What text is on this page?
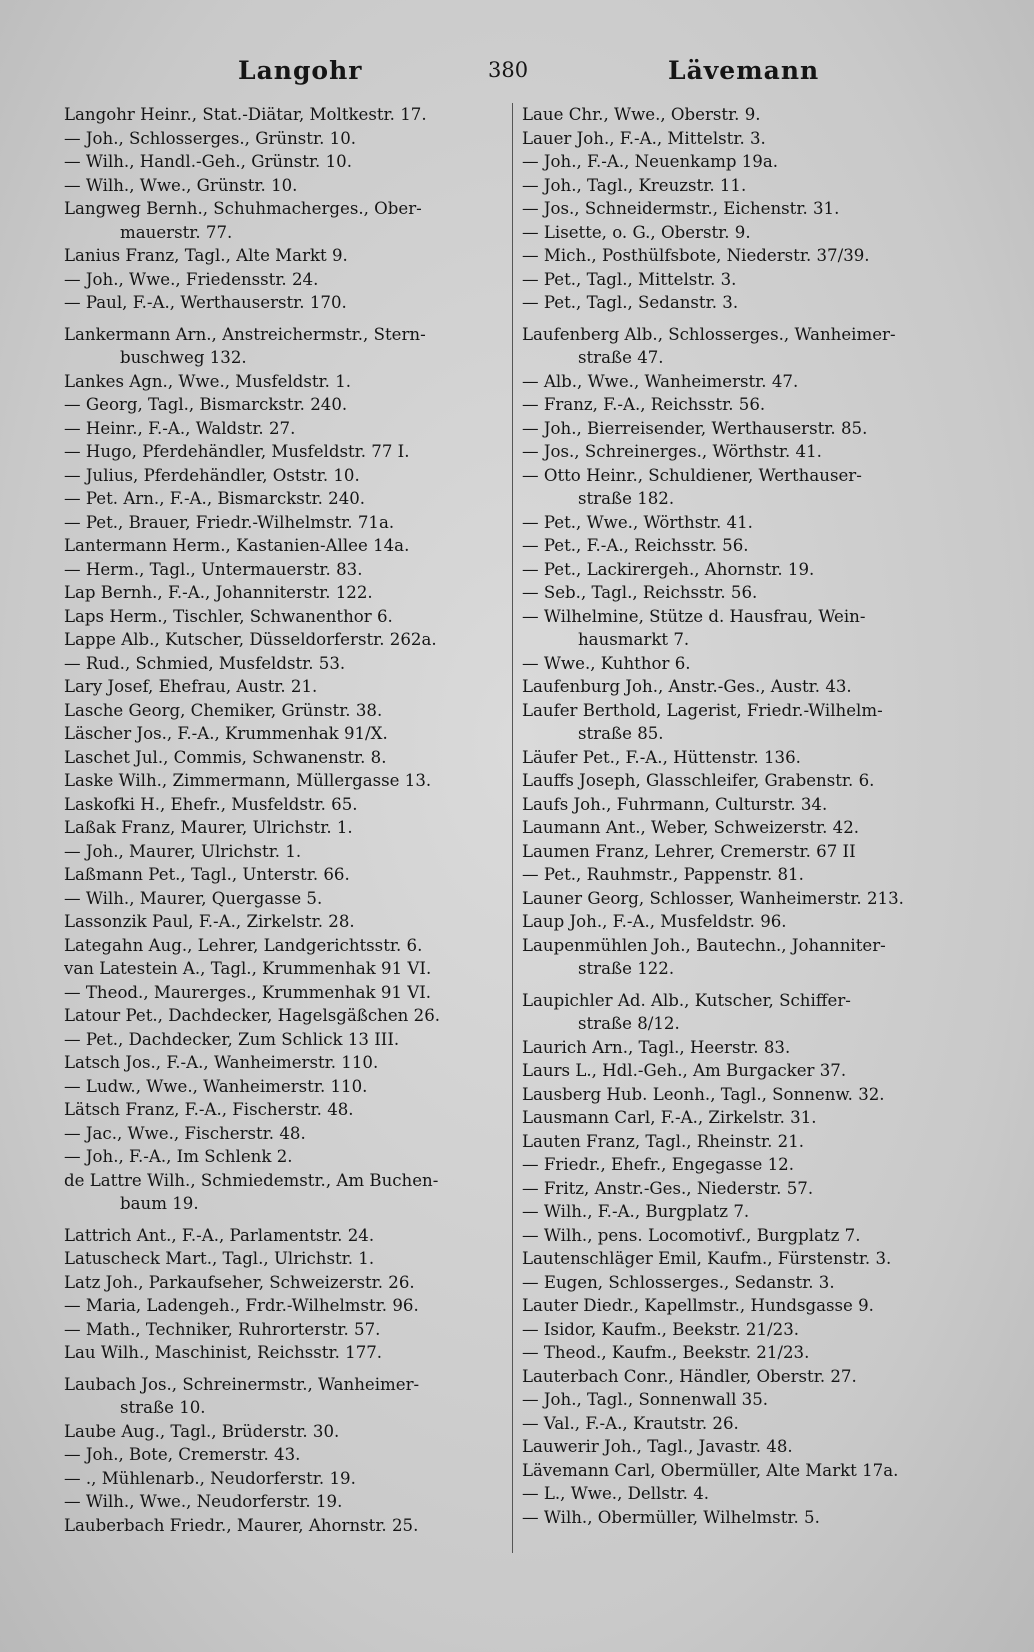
Langohr	380	Lävemann
Langohr Heinr., Stat.-Diätar, Moltkestr. 17.
— Joh., Schlosserges., Grünstr. 10.
— Wilh., Handl.-Geh., Grünstr. 10.
— Wilh., Wwe., Grünstr. 10.
Langweg Bernh., Schuhmacherges., Ober-
mauerstr. 77.
Lanius Franz, Tagl., Alte Markt 9.
— Joh., Wwe., Friedensstr. 24.
— Paul, F.-A., Werthauserstr. 170.
Lankermann Arn., Anstreichermstr., Stern-
buschweg 132.
Lankes Agn., Wwe., Musfeldstr. 1.
— Georg, Tagl., Bismarckstr. 240.
— Heinr., F.-A., Waldstr. 27.
— Hugo, Pferdehändler, Musfeldstr. 77 I.
— Julius, Pferdehändler, Oststr. 10.
— Pet. Arn., F.-A., Bismarckstr. 240.
— Pet., Brauer, Friedr.-Wilhelmstr. 71a.
Lantermann Herm., Kastanien-Allee 14a.
— Herm., Tagl., Untermauerstr. 83.
Lap Bernh., F.-A., Johanniterstr. 122.
Laps Herm., Tischler, Schwanenthor 6.
Lappe Alb., Kutscher, Düsseldorferstr. 262a.
— Rud., Schmied, Musfeldstr. 53.
Lary Josef, Ehefrau, Austr. 21.
Lasche Georg, Chemiker, Grünstr. 38.
Läscher Jos., F.-A., Krummenhak 91/X.
Laschet Jul., Commis, Schwanenstr. 8.
Laske Wilh., Zimmermann, Müllergasse 13.
Laskofki H., Ehefr., Musfeldstr. 65.
Laßak Franz, Maurer, Ulrichstr. 1.
— Joh., Maurer, Ulrichstr. 1.
Laßmann Pet., Tagl., Unterstr. 66.
— Wilh., Maurer, Quergasse 5.
Lassonzik Paul, F.-A., Zirkelstr. 28.
Lategahn Aug., Lehrer, Landgerichtsstr. 6.
van Latestein A., Tagl., Krummenhak 91 VI.
— Theod., Maurerges., Krummenhak 91 VI.
Latour Pet., Dachdecker, Hagelsgäßchen 26.
— Pet., Dachdecker, Zum Schlick 13 III.
Latsch Jos., F.-A., Wanheimerstr. 110.
— Ludw., Wwe., Wanheimerstr. 110.
Lätsch Franz, F.-A., Fischerstr. 48.
— Jac., Wwe., Fischerstr. 48.
— Joh., F.-A., Im Schlenk 2.
de Lattre Wilh., Schmiedemstr., Am Buchen-
baum 19.
Lattrich Ant., F.-A., Parlamentstr. 24.
Latuscheck Mart., Tagl., Ulrichstr. 1.
Latz Joh., Parkaufseher, Schweizerstr. 26.
— Maria, Ladengeh., Frdr.-Wilhelmstr. 96.
— Math., Techniker, Ruhrorterstr. 57.
Lau Wilh., Maschinist, Reichsstr. 177.
Laubach Jos., Schreinermstr., Wanheimer-
straße 10.
Laube Aug., Tagl., Brüderstr. 30.
— Joh., Bote, Cremerstr. 43.
— ., Mühlenarb., Neudorferstr. 19.
— Wilh., Wwe., Neudorferstr. 19.
Lauberbach Friedr., Maurer, Ahornstr. 25.
Laue Chr., Wwe., Oberstr. 9.
Lauer Joh., F.-A., Mittelstr. 3.
— Joh., F.-A., Neuenkamp 19a.
— Joh., Tagl., Kreuzstr. 11.
— Jos., Schneidermstr., Eichenstr. 31.
— Lisette, o. G., Oberstr. 9.
— Mich., Posthülfsbote, Niederstr. 37/39.
— Pet., Tagl., Mittelstr. 3.
— Pet., Tagl., Sedanstr. 3.
Laufenberg Alb., Schlosserges., Wanheimer-
straße 47.
— Alb., Wwe., Wanheimerstr. 47.
— Franz, F.-A., Reichsstr. 56.
— Joh., Bierreisender, Werthauserstr. 85.
— Jos., Schreinerges., Wörthstr. 41.
— Otto Heinr., Schuldiener, Werthauser-
straße 182.
— Pet., Wwe., Wörthstr. 41.
— Pet., F.-A., Reichsstr. 56.
— Pet., Lackirergeh., Ahornstr. 19.
— Seb., Tagl., Reichsstr. 56.
— Wilhelmine, Stütze d. Hausfrau, Wein-
hausmarkt 7.
— Wwe., Kuhthor 6.
Laufenburg Joh., Anstr.-Ges., Austr. 43.
Laufer Berthold, Lagerist, Friedr.-Wilhelm-
straße 85.
Läufer Pet., F.-A., Hüttenstr. 136.
Lauffs Joseph, Glasschleifer, Grabenstr. 6.
Laufs Joh., Fuhrmann, Culturstr. 34.
Laumann Ant., Weber, Schweizerstr. 42.
Laumen Franz, Lehrer, Cremerstr. 67 II
— Pet., Rauhmstr., Pappenstr. 81.
Launer Georg, Schlosser, Wanheimerstr. 213.
Laup Joh., F.-A., Musfeldstr. 96.
Laupenmühlen Joh., Bautechn., Johanniter-
straße 122.
Laupichler Ad. Alb., Kutscher, Schiffer-
straße 8/12.
Laurich Arn., Tagl., Heerstr. 83.
Laurs L., Hdl.-Geh., Am Burgacker 37.
Lausberg Hub. Leonh., Tagl., Sonnenw. 32.
Lausmann Carl, F.-A., Zirkelstr. 31.
Lauten Franz, Tagl., Rheinstr. 21.
— Friedr., Ehefr., Engegasse 12.
— Fritz, Anstr.-Ges., Niederstr. 57.
— Wilh., F.-A., Burgplatz 7.
— Wilh., pens. Locomotivf., Burgplatz 7.
Lautenschläger Emil, Kaufm., Fürstenstr. 3.
— Eugen, Schlosserges., Sedanstr. 3.
Lauter Diedr., Kapellmstr., Hundsgasse 9.
— Isidor, Kaufm., Beekstr. 21/23.
— Theod., Kaufm., Beekstr. 21/23.
Lauterbach Conr., Händler, Oberstr. 27.
— Joh., Tagl., Sonnenwall 35.
— Val., F.-A., Krautstr. 26.
Lauwerir Joh., Tagl., Javastr. 48.
Lävemann Carl, Obermüller, Alte Markt 17a.
— L., Wwe., Dellstr. 4.
— Wilh., Obermüller, Wilhelmstr. 5.
